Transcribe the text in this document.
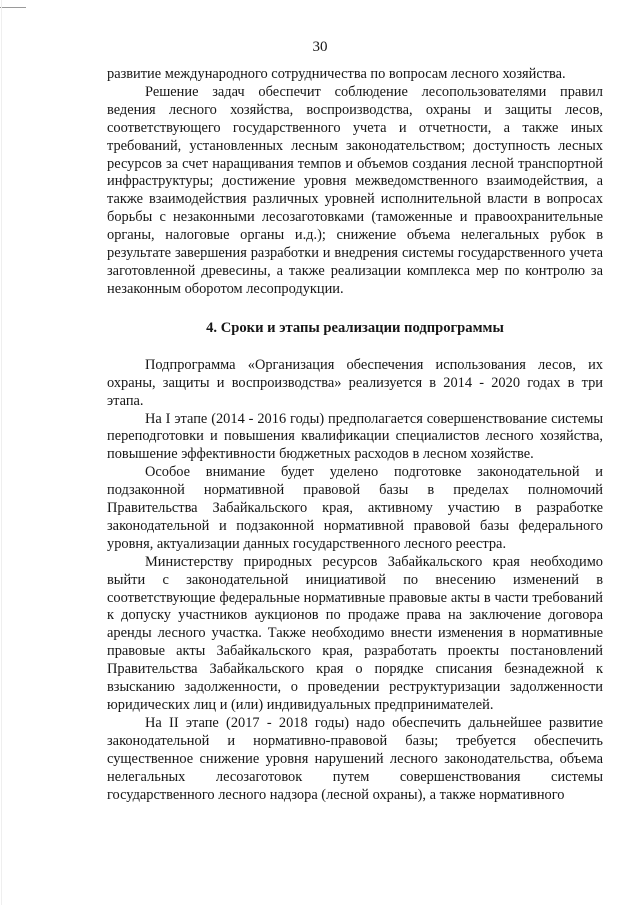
30

развитие международного сотрудничества по вопросам лесного хозяйства.

Решение задач обеспечит соблюдение лесопользователями правил ведения лесного хозяйства, воспроизводства, охраны и защиты лесов, соответствующего государственного учета и отчетности, а также иных требований, установленных лесным законодательством; доступность лесных ресурсов за счет наращивания темпов и объемов создания лесной транспортной инфраструктуры; достижение уровня межведомственного взаимодействия, а также взаимодействия различных уровней исполнительной власти в вопросах борьбы с незаконными лесозаготовками (таможенные и правоохранительные органы, налоговые органы и.д.); снижение объема нелегальных рубок в результате завершения разработки и внедрения системы государственного учета заготовленной древесины, а также реализации комплекса мер по контролю за незаконным оборотом лесопродукции.

4. Сроки и этапы реализации подпрограммы

Подпрограмма «Организация обеспечения использования лесов, их охраны, защиты и воспроизводства» реализуется в 2014 - 2020 годах в три этапа.

На I этапе (2014 - 2016 годы) предполагается совершенствование системы переподготовки и повышения квалификации специалистов лесного хозяйства, повышение эффективности бюджетных расходов в лесном хозяйстве.

Особое внимание будет уделено подготовке законодательной и подзаконной нормативной правовой базы в пределах полномочий Правительства Забайкальского края, активному участию в разработке законодательной и подзаконной нормативной правовой базы федерального уровня, актуализации данных государственного лесного реестра.

Министерству природных ресурсов Забайкальского края необходимо выйти с законодательной инициативой по внесению изменений в соответствующие федеральные нормативные правовые акты в части требований к допуску участников аукционов по продаже права на заключение договора аренды лесного участка. Также необходимо внести изменения в нормативные правовые акты Забайкальского края, разработать проекты постановлений Правительства Забайкальского края о порядке списания безнадежной к взысканию задолженности, о проведении реструктуризации задолженности юридических лиц и (или) индивидуальных предпринимателей.

На II этапе (2017 - 2018 годы) надо обеспечить дальнейшее развитие законодательной и нормативно-правовой базы; требуется обеспечить существенное снижение уровня нарушений лесного законодательства, объема нелегальных лесозаготовок путем совершенствования системы государственного лесного надзора (лесной охраны), а также нормативного
